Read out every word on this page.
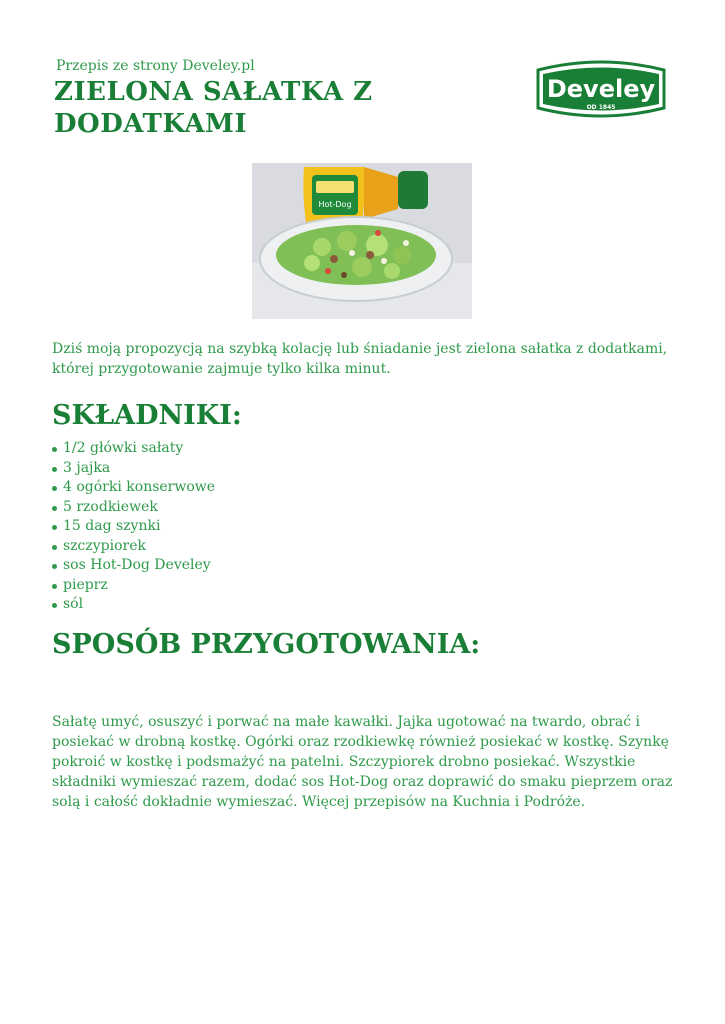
Przepis ze strony Develey.pl
ZIELONA SAŁATKA Z DODATKAMI
Develey
OD 1845
Hot-Dog

Dziś moją propozycją na szybką kolację lub śniadanie jest zielona sałatka z dodatkami, której przygotowanie zajmuje tylko kilka minut.

SKŁADNIKI:
1/2 główki sałaty
3 jajka
4 ogórki konserwowe
5 rzodkiewek
15 dag szynki
szczypiorek
sos Hot-Dog Develey
pieprz
sól
SPOSÓB PRZYGOTOWANIA:

Sałatę umyć, osuszyć i porwać na małe kawałki. Jajka ugotować na twardo, obrać i posiekać w drobną kostkę. Ogórki oraz rzodkiewkę również posiekać w kostkę. Szynkę pokroić w kostkę i podsmażyć na patelni. Szczypiorek drobno posiekać. Wszystkie składniki wymieszać razem, dodać sos Hot-Dog oraz doprawić do smaku pieprzem oraz solą i całość dokładnie wymieszać. Więcej przepisów na Kuchnia i Podróże.
